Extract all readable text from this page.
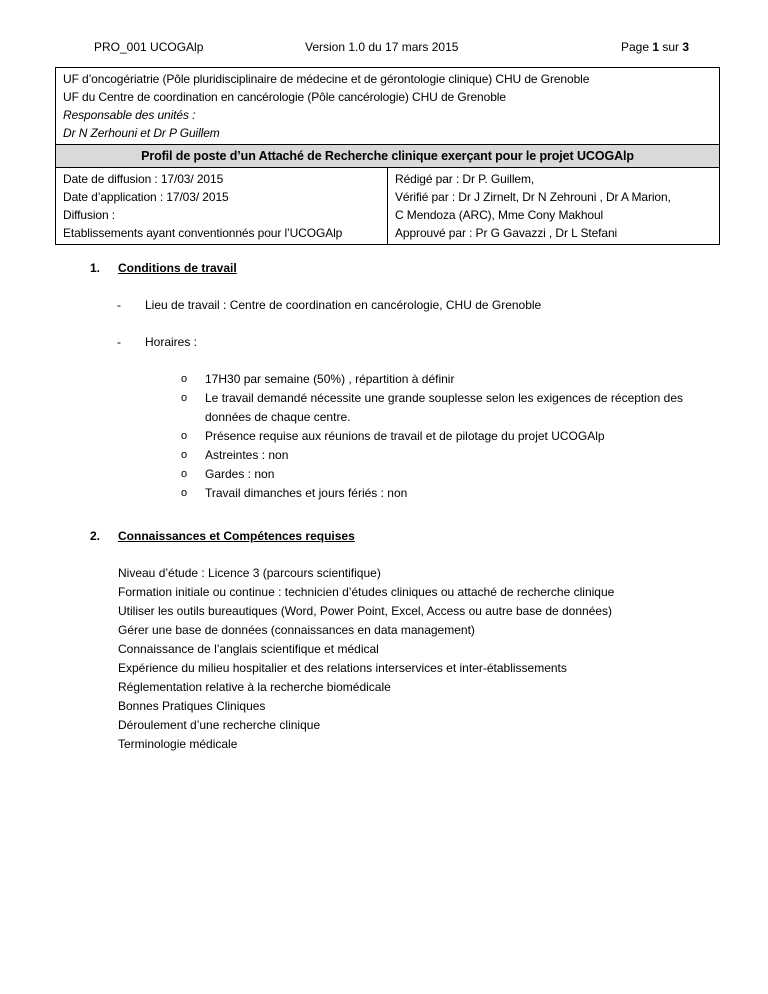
PRO_001 UCOGAlp	Version 1.0 du 17 mars 2015	Page 1 sur 3
UF d’oncogériatrie (Pôle pluridisciplinaire de médecine et de gérontologie clinique) CHU de Grenoble
UF du Centre de coordination en cancérologie (Pôle cancérologie) CHU de Grenoble
Responsable des unités :
Dr N Zerhouni et Dr P Guillem

Profil de poste d’un Attaché de Recherche clinique exerçant pour le projet UCOGAlp

Date de diffusion : 17/03/ 2015
Date d’application : 17/03/ 2015
Diffusion :
Etablissements ayant conventionnés pour l’UCOGAlp

Rédigé par : Dr P. Guillem,
Vérifié par : Dr J Zirnelt, Dr N Zehrouni , Dr A Marion,
C Mendoza (ARC), Mme Cony Makhoul
Approuvé par : Pr G Gavazzi , Dr L Stefani
1. Conditions de travail
-	Lieu de travail : Centre de coordination en cancérologie, CHU de Grenoble
-	Horaires :
o	17H30 par semaine (50%) , répartition à définir
o	Le travail demandé nécessite une grande souplesse selon les exigences de réception des données de chaque centre.
o	Présence requise aux réunions de travail et de pilotage du projet UCOGAlp
o	Astreintes : non
o	Gardes : non
o	Travail dimanches et jours fériés : non
2. Connaissances et Compétences requises
Niveau d’étude : Licence 3 (parcours scientifique)
Formation initiale ou continue : technicien d’études cliniques ou attaché de recherche clinique
Utiliser les outils bureautiques (Word, Power Point, Excel, Access ou autre base de données)
Gérer une base de données (connaissances en data management)
Connaissance de l’anglais scientifique et médical
Expérience du milieu hospitalier et des relations interservices et inter-établissements
Réglementation relative à la recherche biomédicale
Bonnes Pratiques Cliniques
Déroulement d’une recherche clinique
Terminologie médicale
